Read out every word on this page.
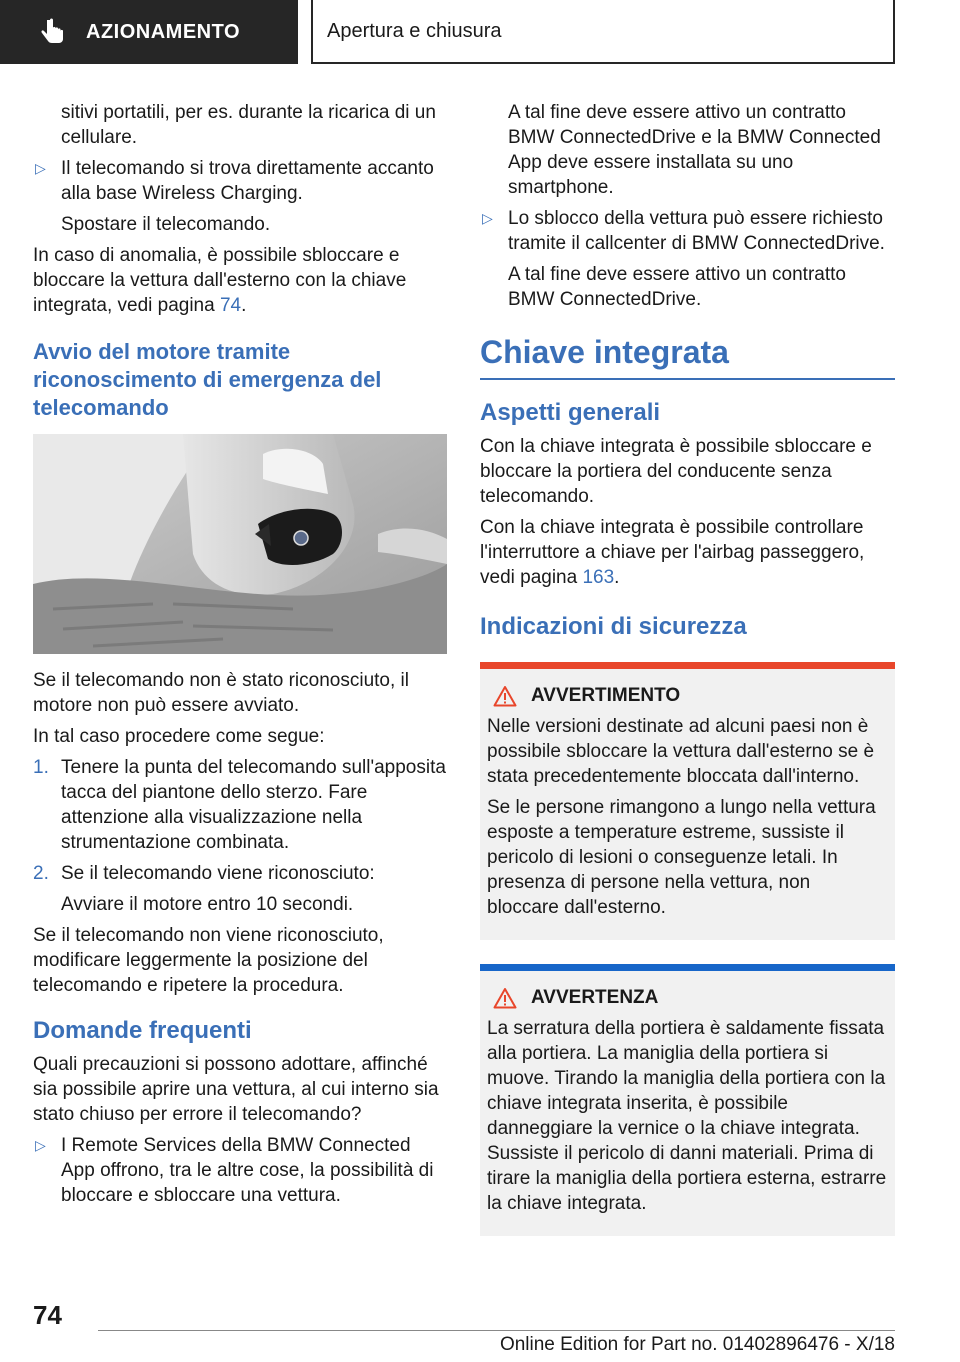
AZIONAMENTO	Apertura e chiusura
sitivi portatili, per es. durante la ricarica di un cellulare.
▷ Il telecomando si trova direttamente accanto alla base Wireless Charging.
Spostare il telecomando.
In caso di anomalia, è possibile sbloccare e bloccare la vettura dall'esterno con la chiave integrata, vedi pagina 74.
Avvio del motore tramite riconoscimento di emergenza del telecomando
Se il telecomando non è stato riconosciuto, il motore non può essere avviato.
In tal caso procedere come segue:
1. Tenere la punta del telecomando sull'apposita tacca del piantone dello sterzo. Fare attenzione alla visualizzazione nella strumentazione combinata.
2. Se il telecomando viene riconosciuto:
Avviare il motore entro 10 secondi.
Se il telecomando non viene riconosciuto, modificare leggermente la posizione del telecomando e ripetere la procedura.
Domande frequenti
Quali precauzioni si possono adottare, affinché sia possibile aprire una vettura, al cui interno sia stato chiuso per errore il telecomando?
▷ I Remote Services della BMW Connected App offrono, tra le altre cose, la possibilità di bloccare e sbloccare una vettura.
A tal fine deve essere attivo un contratto BMW ConnectedDrive e la BMW Connected App deve essere installata su uno smartphone.
▷ Lo sblocco della vettura può essere richiesto tramite il callcenter di BMW ConnectedDrive.
A tal fine deve essere attivo un contratto BMW ConnectedDrive.
Chiave integrata
Aspetti generali
Con la chiave integrata è possibile sbloccare e bloccare la portiera del conducente senza telecomando.
Con la chiave integrata è possibile controllare l'interruttore a chiave per l'airbag passeggero, vedi pagina 163.
Indicazioni di sicurezza
AVVERTIMENTO
Nelle versioni destinate ad alcuni paesi non è possibile sbloccare la vettura dall'esterno se è stata precedentemente bloccata dall'interno.
Se le persone rimangono a lungo nella vettura esposte a temperature estreme, sussiste il pericolo di lesioni o conseguenze letali. In presenza di persone nella vettura, non bloccare dall'esterno.
AVVERTENZA
La serratura della portiera è saldamente fissata alla portiera. La maniglia della portiera si muove. Tirando la maniglia della portiera con la chiave integrata inserita, è possibile danneggiare la vernice o la chiave integrata. Sussiste il pericolo di danni materiali. Prima di tirare la maniglia della portiera esterna, estrarre la chiave integrata.
74
Online Edition for Part no. 01402896476 - X/18
